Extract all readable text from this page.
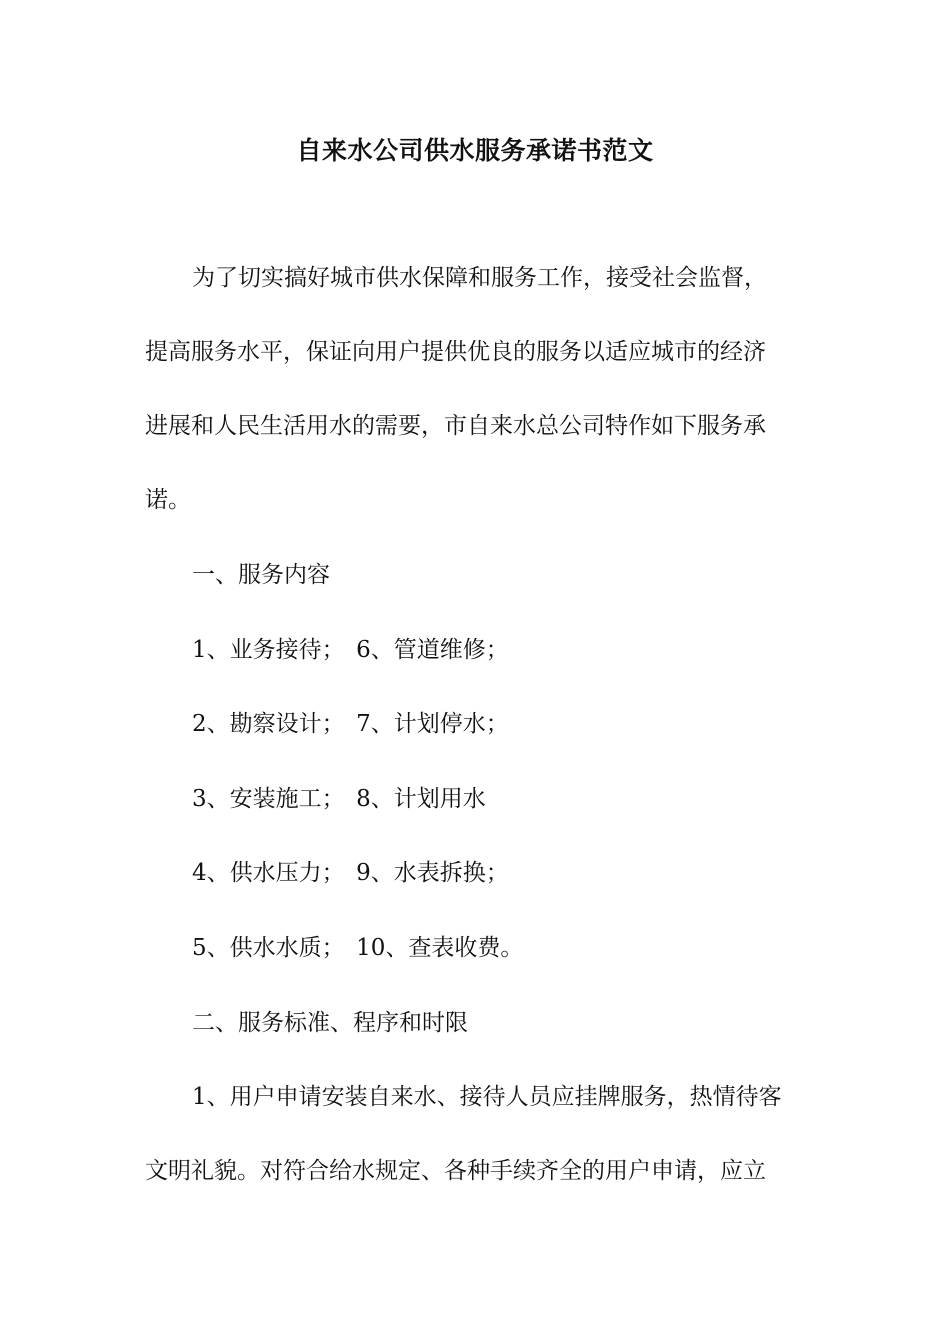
自来水公司供水服务承诺书范文
为了切实搞好城市供水保障和服务工作，接受社会监督，
提高服务水平，保证向用户提供优良的服务以适应城市的经济
进展和人民生活用水的需要，市自来水总公司特作如下服务承
诺。
一、服务内容
1、业务接待；　6、管道维修；
2、勘察设计；　7、计划停水；
3、安装施工；　8、计划用水
4、供水压力；　9、水表拆换；
5、供水水质；　10、查表收费。
二、服务标准、程序和时限
1、用户申请安装自来水、接待人员应挂牌服务，热情待客
文明礼貌。对符合给水规定、各种手续齐全的用户申请，应立
